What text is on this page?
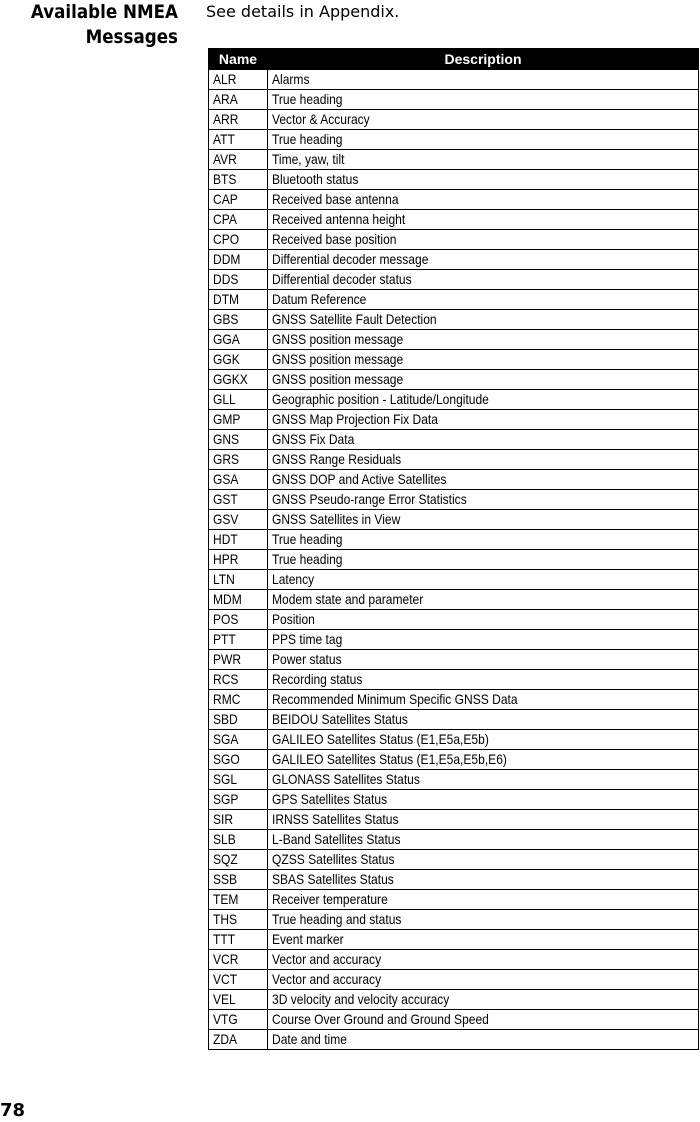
Available NMEA
Messages
See details in Appendix.
Name	Description
ALR	Alarms
ARA	True heading
ARR	Vector & Accuracy
ATT	True heading
AVR	Time, yaw, tilt
BTS	Bluetooth status
CAP	Received base antenna
CPA	Received antenna height
CPO	Received base position
DDM	Differential decoder message
DDS	Differential decoder status
DTM	Datum Reference
GBS	GNSS Satellite Fault Detection
GGA	GNSS position message
GGK	GNSS position message
GGKX	GNSS position message
GLL	Geographic position - Latitude/Longitude
GMP	GNSS Map Projection Fix Data
GNS	GNSS Fix Data
GRS	GNSS Range Residuals
GSA	GNSS DOP and Active Satellites
GST	GNSS Pseudo-range Error Statistics
GSV	GNSS Satellites in View
HDT	True heading
HPR	True heading
LTN	Latency
MDM	Modem state and parameter
POS	Position
PTT	PPS time tag
PWR	Power status
RCS	Recording status
RMC	Recommended Minimum Specific GNSS Data
SBD	BEIDOU Satellites Status
SGA	GALILEO Satellites Status (E1,E5a,E5b)
SGO	GALILEO Satellites Status (E1,E5a,E5b,E6)
SGL	GLONASS Satellites Status
SGP	GPS Satellites Status
SIR	IRNSS Satellites Status
SLB	L-Band Satellites Status
SQZ	QZSS Satellites Status
SSB	SBAS Satellites Status
TEM	Receiver temperature
THS	True heading and status
TTT	Event marker
VCR	Vector and accuracy
VCT	Vector and accuracy
VEL	3D velocity and velocity accuracy
VTG	Course Over Ground and Ground Speed
ZDA	Date and time
78
